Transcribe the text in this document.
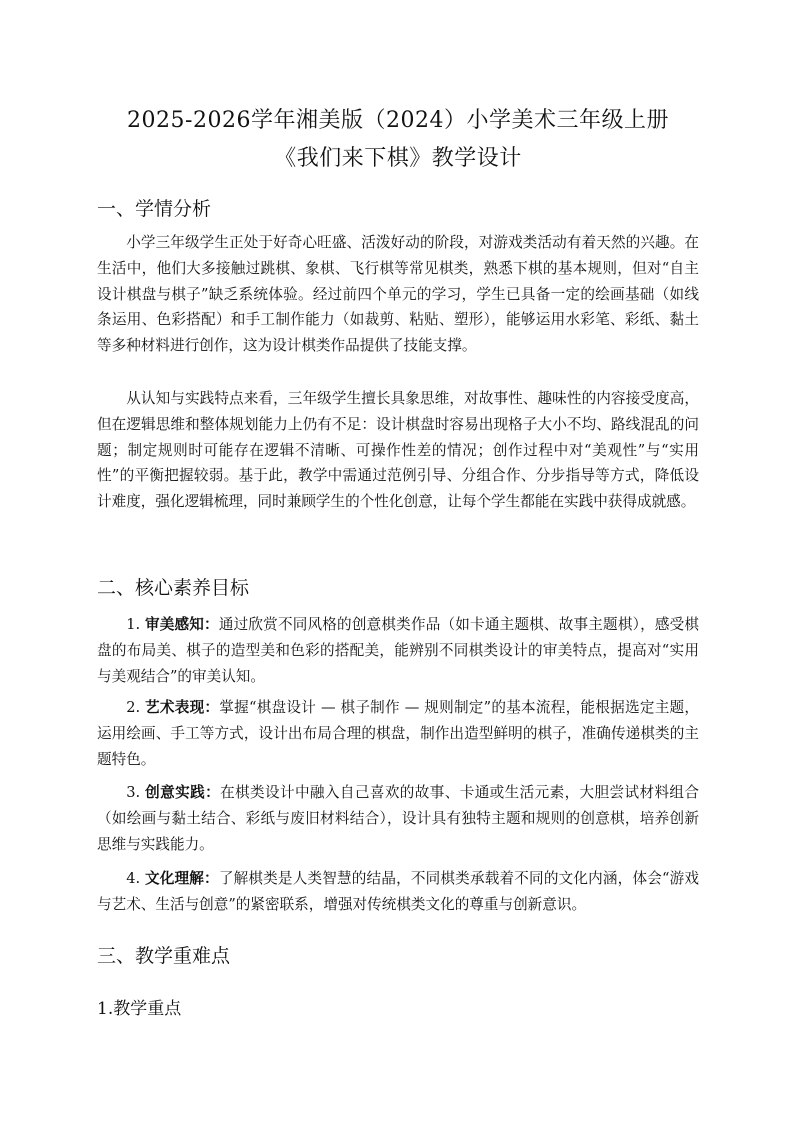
2025-2026学年湘美版（2024）小学美术三年级上册
《我们来下棋》教学设计
一、学情分析

小学三年级学生正处于好奇心旺盛、活泼好动的阶段，对游戏类活动有着天然的兴趣。在生活中，他们大多接触过跳棋、象棋、飞行棋等常见棋类，熟悉下棋的基本规则，但对“自主设计棋盘与棋子”缺乏系统体验。经过前四个单元的学习，学生已具备一定的绘画基础（如线条运用、色彩搭配）和手工制作能力（如裁剪、粘贴、塑形），能够运用水彩笔、彩纸、黏土等多种材料进行创作，这为设计棋类作品提供了技能支撑。

从认知与实践特点来看，三年级学生擅长具象思维，对故事性、趣味性的内容接受度高，但在逻辑思维和整体规划能力上仍有不足：设计棋盘时容易出现格子大小不均、路线混乱的问题；制定规则时可能存在逻辑不清晰、可操作性差的情况；创作过程中对“美观性”与“实用性”的平衡把握较弱。基于此，教学中需通过范例引导、分组合作、分步指导等方式，降低设计难度，强化逻辑梳理，同时兼顾学生的个性化创意，让每个学生都能在实践中获得成就感。

二、核心素养目标

1. 审美感知：通过欣赏不同风格的创意棋类作品（如卡通主题棋、故事主题棋），感受棋盘的布局美、棋子的造型美和色彩的搭配美，能辨别不同棋类设计的审美特点，提高对“实用与美观结合”的审美认知。

2. 艺术表现：掌握“棋盘设计 — 棋子制作 — 规则制定”的基本流程，能根据选定主题，运用绘画、手工等方式，设计出布局合理的棋盘，制作出造型鲜明的棋子，准确传递棋类的主题特色。

3. 创意实践：在棋类设计中融入自己喜欢的故事、卡通或生活元素，大胆尝试材料组合（如绘画与黏土结合、彩纸与废旧材料结合），设计具有独特主题和规则的创意棋，培养创新思维与实践能力。

4. 文化理解：了解棋类是人类智慧的结晶，不同棋类承载着不同的文化内涵，体会“游戏与艺术、生活与创意”的紧密联系，增强对传统棋类文化的尊重与创新意识。

三、教学重难点
1.教学重点
